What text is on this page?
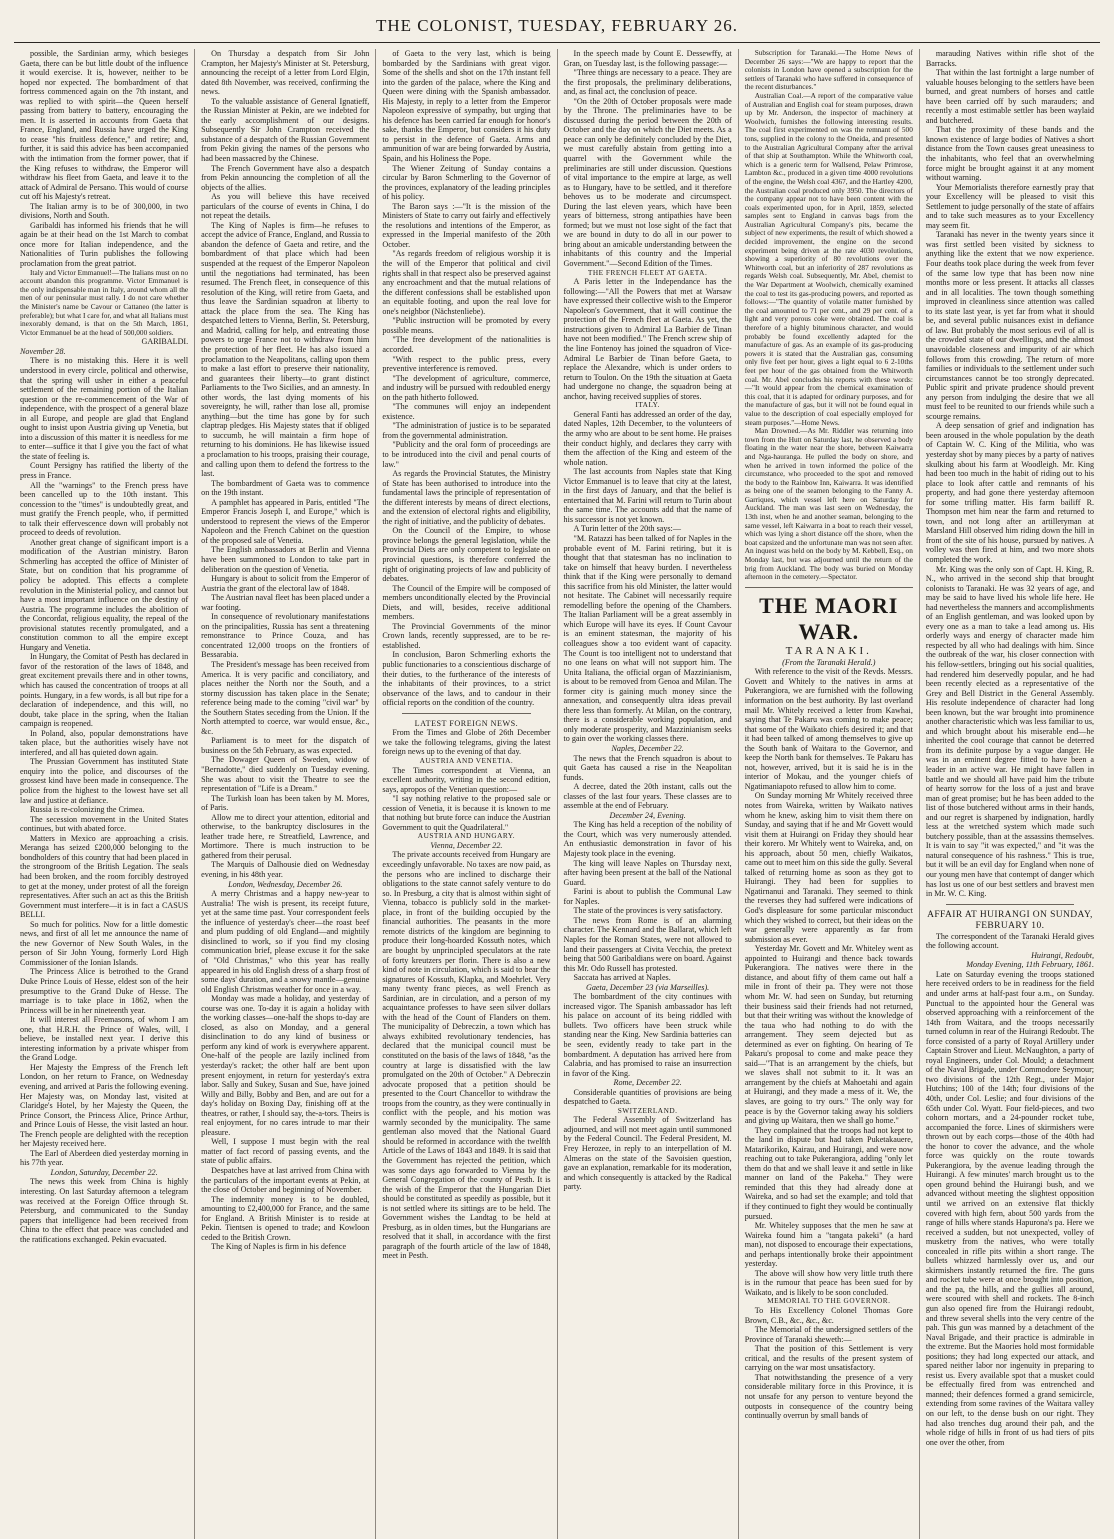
THE COLONIST, TUESDAY, FEBRUARY 26.

possible, the Sardinian army, which besieges Gaeta, there can be but little doubt of the influence it would exercise. It is, however, neither to be hoped nor expected. The bombardment of that fortress commenced again on the 7th instant, and was replied to with spirit—the Queen herself passing from battery to battery, encouraging the men. It is asserted in accounts from Gaeta that France, England, and Russia have urged the King to cease "his fruitless defence," and retire; and, further, it is said this advice has been accompanied with the intimation from the former power, that if the King refuses to withdraw, the Emperor will withdraw his fleet from Gaeta, and leave it to the attack of Admiral de Persano. This would of course cut off his Majesty's retreat.

The Italian army is to be of 300,000, in two divisions, North and South.

Garibaldi has informed his friends that he will again be at their head on the 1st March to combat once more for Italian independence, and the Nationalities of Turin publishes the following proclamation from the great patriot.

Italy and Victor Emmanuel!—The Italians must on no account abandon this programme. Victor Emmanuel is the only indispensable man in Italy, around whom all the men of our peninsular must rally. I do not care whether the Minister's name be Cavour or Cattaneo (the latter is preferable); but what I care for, and what all Italians must inexorably demand, is that on the 5th March, 1861, Victor Emmanuel be at the head of 500,000 soldiers.

GARIBALDI.

November 28.

There is no mistaking this. Here it is well understood in every circle, political and otherwise, that the spring will usher in either a peaceful settlement of the remaining portion of the Italian question or the re-commencement of the War of independence, with the prospect of a general blaze in all Europe, and people are glad that England ought to insist upon Austria giving up Venetia, but into a discussion of this matter it is needless for me to enter—suffice it that I give you the fact of what the state of feeling is.

Count Persigny has ratified the liberty of the press in France.

All the "warnings" to the French press have been cancelled up to the 10th instant. This concession to the "times" is undoubtedly great, and must gratify the French people, who, if permitted to talk their effervescence down will probably not proceed to deeds of revolution.

Another great change of significant import is a modification of the Austrian ministry. Baron Schmerling has accepted the office of Minister of State, but on condition that his programme of policy be adopted. This effects a complete revolution in the Ministerial policy, and cannot but have a most important influence on the destiny of Austria. The programme includes the abolition of the Concordat, religious equality, the repeal of the provisional statutes recently promulgated, and a constitution common to all the empire except Hungary and Venetia.

In Hungary, the Comitat of Pesth has declared in favor of the restoration of the laws of 1848, and great excitement prevails there and in other towns, which has caused the concentration of troops at all points. Hungary, in a few words, is all but ripe for a declaration of independence, and this will, no doubt, take place in the spring, when the Italian campaign is reopened.

In Poland, also, popular demonstrations have taken place, but the authorities wisely have not interfered, and all has quieted down again.

The Prussian Government has instituted State enquiry into the police, and discourses of the grossest kind have been made in consequence. The police from the highest to the lowest have set all law and justice at defiance.

Russia is re-colonizing the Crimea.

The secession movement in the United States continues, but with abated force.

Matters in Mexico are approaching a crisis. Meranga has seized £200,000 belonging to the bondholders of this country that had been placed in the strongroom of the British Legation. The seals had been broken, and the room forcibly destroyed to get at the money, under protest of all the foreign representatives. After such an act as this the British Government must interfere—it is in fact a CASUS BELLI.

So much for politics. Now for a little domestic news, and first of all let me announce the name of the new Governor of New South Wales, in the person of Sir John Young, formerly Lord High Commissioner of the Ionian Islands.

The Princess Alice is betrothed to the Grand Duke Prince Louis of Hesse, eldest son of the heir presumptive to the Grand Duke of Hesse. The marriage is to take place in 1862, when the Princess will be in her nineteenth year.

It will interest all Freemasons, of whom I am one, that H.R.H. the Prince of Wales, will, I believe, be installed next year. I derive this interesting information by a private whisper from the Grand Lodge.

Her Majesty the Empress of the French left London, on her return to France, on Wednesday evening, and arrived at Paris the following evening. Her Majesty was, on Monday last, visited at Claridge's Hotel, by her Majesty the Queen, the Prince Consort, the Princess Alice, Prince Arthur, and Prince Louis of Hesse, the visit lasted an hour. The French people are delighted with the reception her Majesty received here.

The Earl of Aberdeen died yesterday morning in his 77th year.

London, Saturday, December 22.

The news this week from China is highly interesting. On last Saturday afternoon a telegram was received at the Foreign Office through St. Petersburg, and communicated to the Sunday papers that intelligence had been received from China to the effect that peace was concluded and the ratifications exchanged. Pekin evacuated.

On Thursday a despatch from Sir John Crampton, her Majesty's Minister at St. Petersburg, announcing the receipt of a letter from Lord Elgin, dated 8th November, was received, confirming the news.

To the valuable assistance of General Ignatieff, the Russian Minister at Pekin, are we indebted for the early accomplishment of our designs. Subsequently Sir John Crampton received the substance of a despatch of the Russian Government from Pekin giving the names of the persons who had been massacred by the Chinese.

The French Government have also a despatch from Pekin announcing the completion of all the objects of the allies.

As you will believe this have received particulars of the course of events in China, I do not repeat the details.

The King of Naples is firm—he refuses to accept the advice of France, England, and Russia to abandon the defence of Gaeta and retire, and the bombardment of that place which had been suspended at the request of the Emperor Napoleon until the negotiations had terminated, has been resumed. The French fleet, in consequence of this resolution of the King, will retire from Gaeta, and thus leave the Sardinian squadron at liberty to attack the place from the sea. The King has despatched letters to Vienna, Berlin, St. Petersburg, and Madrid, calling for help, and entreating those powers to urge France not to withdraw from him the protection of her fleet. He has also issued a proclamation to the Neapolitans, calling upon them to make a last effort to preserve their nationality, and guarantees their liberty—to grant distinct Parliaments to the Two Sicilies, and an amnesty. In other words, the last dying moments of his sovereignty, he will, rather than lose all, promise anything—but the time has gone by for such claptrap pledges. His Majesty states that if obliged to succumb, he will maintain a firm hope of returning to his dominions. He has likewise issued a proclamation to his troops, praising their courage, and calling upon them to defend the fortress to the last.

The bombardment of Gaeta was to commence on the 19th instant.

A pamphlet has appeared in Paris, entitled "The Emperor Francis Joseph I, and Europe," which is understood to represent the views of the Emperor Napoleon and the French Cabinet on the question of the proposed sale of Venetia.

The English ambassadors at Berlin and Vienna have been summoned to London to take part in deliberation on the question of Venetia.

Hungary is about to solicit from the Emperor of Austria the grant of the electoral law of 1848.

The Austrian naval fleet has been placed under a war footing.

In consequence of revolutionary manifestations on the principalities, Russia has sent a threatening remonstrance to Prince Couza, and has concentrated 12,000 troops on the frontiers of Bessarabia.

The President's message has been received from America. It is very pacific and conciliatory, and places neither the North nor the South, and a stormy discussion has taken place in the Senate; reference being made to the coming "civil war" by the Southern States seceding from the Union. If the North attempted to coerce, war would ensue, &c., &c.

Parliament is to meet for the dispatch of business on the 5th February, as was expected.

The Dowager Queen of Sweden, widow of "Bernadotte," died suddenly on Tuesday evening. She was about to visit the Theatre to see the representation of "Life is a Dream."

The Turkish loan has been taken by M. Mores, of Paris.

Allow me to direct your attention, editorial and otherwise, to the bankruptcy disclosures in the leather trade here, re Streatfield, Lawrence, and Mortimore. There is much instruction to be gathered from their perusal.

The Marquis of Dalhousie died on Wednesday evening, in his 48th year.

London, Wednesday, December 26.

A merry Christmas and a happy new-year to Australia! The wish is present, its receipt future, yet at the same time past. Your correspondent feels the influence of yesterday's cheer—the roast beef and plum pudding of old England—and mightily disinclined to work, so if you find my closing communication brief, please excuse it for the sake of "Old Christmas," who this year has really appeared in his old English dress of a sharp frost of some days' duration, and a snowy mantle—genuine old English Christmas weather for once in a way.

Monday was made a holiday, and yesterday of course was one. To-day it is again a holiday with the working classes—one-half the shops to-day are closed, as also on Monday, and a general disinclination to do any kind of business or perform any kind of work is everywhere apparent. One-half of the people are lazily inclined from yesterday's racket; the other half are bent upon present enjoyment, in return for yesterday's extra labor. Sally and Sukey, Susan and Sue, have joined Willy and Billy, Bobby and Ben, and are out for a day's holiday on Boxing Day, finishing off at the theatres, or rather, I should say, the-a-tors. Theirs is real enjoyment, for no cares intrude to mar their pleasure.

Well, I suppose I must begin with the real matter of fact record of passing events, and the state of public affairs.

Despatches have at last arrived from China with the particulars of the important events at Pekin, at the close of October and beginning of November.

The indemnity money is to be doubled, amounting to £2,400,000 for France, and the same for England. A British Minister is to reside at Pekin. Tientsen is opened to trade; and Kowloon ceded to the British Crown.

The King of Naples is firm in his defence

of Gaeta to the very last, which is being bombarded by the Sardinians with great vigor. Some of the shells and shot on the 17th instant fell into the garden of the palace, where the King and Queen were dining with the Spanish ambassador. His Majesty, in reply to a letter from the Emperor Napoleon expressive of sympathy, but urging that his defence has been carried far enough for honor's sake, thanks the Emperor, but considers it his duty to persist in the defence of Gaeta. Arms and ammunition of war are being forwarded by Austria, Spain, and his Holiness the Pope.

The Wiener Zeitung of Sunday contains a circular by Baron Schmerling to the Governor of the provinces, explanatory of the leading principles of his policy.

The Baron says :—"It is the mission of the Ministers of State to carry out fairly and effectively the resolutions and intentions of the Emperor, as expressed in the Imperial manifesto of the 20th October.

"As regards freedom of religious worship it is the will of the Emperor that political and civil rights shall in that respect also be preserved against any encroachment and that the mutual relations of the different confessions shall be established upon an equitable footing, and upon the real love for one's neighbor (Nächstenliebe).

"Public instruction will be promoted by every possible means.

"The free development of the nationalities is accorded.

"With respect to the public press, every preventive interference is removed.

"The development of agriculture, commerce, and industry will be pursued with redoubled energy on the path hitherto followed.

"The communes will enjoy an independent existence.

"The administration of justice is to be separated from the governmental administration.

"Publicity and the oral form of proceedings are to be introduced into the civil and penal courts of law."

As regards the Provincial Statutes, the Ministry of State has been authorised to introduce into the fundamental laws the principle of representation of the different interests by means of direct elections, and the extension of electoral rights and eligibility, the right of initiative, and the publicity of debates.

On the Council of the Empire, to whose province belongs the general legislation, while the Provincial Diets are only competent to legislate on provincial questions, is therefore conferred the right of originating projects of law and publicity of debates.

The Council of the Empire will be composed of members unconditionally elected by the Provincial Diets, and will, besides, receive additional members.

The Provincial Governments of the minor Crown lands, recently suppressed, are to be re-established.

In conclusion, Baron Schmerling exhorts the public functionaries to a conscientious discharge of their duties, to the furtherance of the interests of the inhabitants of their provinces, to a strict observance of the laws, and to candour in their official reports on the condition of the country.

LATEST FOREIGN NEWS.

From the Times and Globe of 26th December we take the following telegrams, giving the latest foreign news up to the evening of that day.

AUSTRIA AND VENETIA.

The Times correspondent at Vienna, an excellent authority, writing in the second edition, says, apropos of the Venetian question:—

"I say nothing relative to the proposed sale or cession of Venetia, it is because it is known to me that nothing but brute force can induce the Austrian Government to quit the Quadrilateral."

AUSTRIA AND HUNGARY.

Vienna, December 22.

The private accounts received from Hungary are exceedingly unfavorable. No taxes are now paid, as the persons who are inclined to discharge their obligations to the state cannot safely venture to do so. In Presburg, a city that is almost within sight of Vienna, tobacco is publicly sold in the market-place, in front of the building occupied by the financial authorities. The peasants in the more remote districts of the kingdom are beginning to produce their long-hoarded Kossuth notes, which are bought by unprincipled speculators at the rate of forty kreutzers per florin. There is also a new kind of note in circulation, which is said to bear the signatures of Kossuth, Klapka, and Moehrlet. Very many twenty franc pieces, as well French as Sardinian, are in circulation, and a person of my acquaintance professes to have seen silver dollars with the head of the Count of Flanders on them. The municipality of Debreczin, a town which has always exhibited revolutionary tendencies, has declared that the municipal council must be constituted on the basis of the laws of 1848, "as the country at large is dissatisfied with the law promulgated on the 20th of October." A Debreczin advocate proposed that a petition should be presented to the Court Chancellor to withdraw the troops from the country, as they were continually in conflict with the people, and his motion was warmly seconded by the municipality. The same gentleman also moved that the National Guard should be reformed in accordance with the twelfth Article of the Laws of 1843 and 1849. It is said that the Government has rejected the petition, which was some days ago forwarded to Vienna by the General Congregation of the county of Pesth. It is the wish of the Emperor that the Hungarian Diet should be constituted as speedily as possible, but it is not settled where its sittings are to be held. The Government wishes the Landtag to be held at Presburg, as in olden times, but the Hungarians are resolved that it shall, in accordance with the first paragraph of the fourth article of the law of 1848, meet in Pesth.

In the speech made by Count E. Dessewffy, at Gran, on Tuesday last, is the following passage:—

"Three things are necessary to a peace. They are the first proposals, the preliminary deliberations, and, as final act, the conclusion of peace.

"On the 20th of October proposals were made by the Throne. The preliminaries have to be discussed during the period between the 20th of October and the day on which the Diet meets. As a peace can only be definitely concluded by the Diet, we must carefully abstain from getting into a quarrel with the Government while the preliminaries are still under discussion. Questions of vital importance to the empire at large, as well as to Hungary, have to be settled, and it therefore behoves us to be moderate and circumspect. During the last eleven years, which have been years of bitterness, strong antipathies have been formed; but we must not lose sight of the fact that we are bound in duty to do all in our power to bring about an amicable understanding between the inhabitants of this country and the Imperial Government."—Second Edition of the Times.

THE FRENCH FLEET AT GAETA.

A Paris letter in the Independance has the following:—"All the Powers that met at Warsaw have expressed their collective wish to the Emperor Napoleon's Government, that it will continue the protection of the French fleet at Gaeta. As yet, the instructions given to Admiral La Barbier de Tinan have not been modified." The French screw ship of the line Fontenoy has joined the squadron of Vice-Admiral Le Barbier de Tinan before Gaeta, to replace the Alexandre, which is under orders to return to Toulon. On the 19th the situation at Gaeta had undergone no change, the squadron being at anchor, having received supplies of stores.

ITALY.

General Fanti has addressed an order of the day, dated Naples, 12th December, to the volunteers of the army who are about to be sent home. He praises their conduct highly, and declares they carry with them the affection of the King and esteem of the whole nation.

The last accounts from Naples state that King Victor Emmanuel is to leave that city at the latest, in the first days of January, and that the belief is entertained that M. Farini will return to Turin about the same time. The accounts add that the name of his successor is not yet known.

A Turin letter of the 20th says:—

"M. Ratazzi has been talked of for Naples in the probable event of M. Farini retiring, but it is thought that that statesman has no inclination to take on himself that heavy burden. I nevertheless think that if the King were personally to demand this sacrifice from his old Minister, the latter would not hesitate. The Cabinet will necessarily require remodelling before the opening of the Chambers. The Italian Parliament will be a great assembly in which Europe will have its eyes. If Count Cavour is an eminent statesman, the majority of his colleagues show a too evident want of capacity. The Count is too intelligent not to understand that no one leans on what will not support him. The Unita Italiana, the official organ of Mazzinianism, is about to be removed from Genoa and Milan. The former city is gaining much money since the annexation, and consequently ultra ideas prevail there less than formerly. At Milan, on the contrary, there is a considerable working population, and only moderate prosperity, and Mazzinianism seeks to gain over the working classes there.

Naples, December 22.

The news that the French squadron is about to quit Gaeta has caused a rise in the Neapolitan funds.

A decree, dated the 20th instant, calls out the classes of the last four years. These classes are to assemble at the end of February.

December 24, Evening.

The King has held a reception of the nobility of the Court, which was very numerously attended. An enthusiastic demonstration in favor of his Majesty took place in the evening.

The king will leave Naples on Thursday next, after having been present at the ball of the National Guard.

Farini is about to publish the Communal Law for Naples.

The state of the provinces is very satisfactory.

The news from Rome is of an alarming character. The Kennard and the Ballarat, which left Naples for the Roman States, were not allowed to land their passengers at Civita Vecchia, the pretext being that 500 Garibaldians were on board. Against this Mr. Odo Russell has protested.

Saccata has arrived at Naples.

Gaeta, December 23 (via Marseilles).

The bombardment of the city continues with increased vigor. The Spanish ambassador has left his palace on account of its being riddled with bullets. Two officers have been struck while standing near the King. New Sardinia batteries can be seen, evidently ready to take part in the bombardment. A deputation has arrived here from Calabria, and has promised to raise an insurrection in favor of the King.

Rome, December 22.

Considerable quantities of provisions are being despatched to Gaeta.

SWITZERLAND.

The Federal Assembly of Switzerland has adjourned, and will not meet again until summoned by the Federal Council. The Federal President, M. Frey Herozee, in reply to an interpellation of M. Almeras on the state of the Savoisien question, gave an explanation, remarkable for its moderation, and which consequently is attacked by the Radical party.

Subscription for Taranaki.—The Home News of December 26 says:—"We are happy to report that the colonists in London have opened a subscription for the settlers of Taranaki who have suffered in consequence of the recent disturbances."

Australian Coal.—A report of the comparative value of Australian and English coal for steam purposes, drawn up by Mr. Anderson, the inspector of machinery at Woolwich, furnishes the following interesting results. The coal first experimented on was the remnant of 500 tons, supplied in the colony to the Oneida, and presented to the Australian Agricultural Company after the arrival of that ship at Southampton. While the Whitworth coal, which is a generic term for Wallsend, Pelaw Primrose, Lambton &c., produced in a given time 4000 revolutions of the engine, the Welsh coal 4367, and the Hartley 4200, the Australian coal produced only 3950. The directors of the company appear not to have been content with the coals experimented upon, for in April, 1859, selected samples sent to England in canvas bags from the Australian Agricultural Company's pits, became the subject of new experiments, the result of which showed a decided improvement, the engine on the second experiment being driven at the rate 4030 revolutions, showing a superiority of 80 revolutions over the Whitworth coal, but an inferiority of 287 revolutions as regards Welsh coal. Subsequently, Mr. Abel, chemist to the War Department at Woolwich, chemically examined the coal to test its gas-producing powers, and reported as follows:—"The quantity of volatile matter furnished by the coal amounted to 71 per cent., and 29 per cent. of a light and very porous coke were obtained. The coal is therefore of a highly bituminous character, and would probably be found excellently adapted for the manufacture of gas. As an example of its gas-producing powers it is stated that the Australian gas, consuming only five feet per hour, gives a light equal to 6 2-10ths feet per hour of the gas obtained from the Whitworth coal. Mr. Abel concludes his reports with these words:—"It would appear from the chemical examination of this coal, that it is adapted for ordinary purposes, and for the manufacture of gas, but it will not be found equal in value to the description of coal especially employed for steam purposes."—Home News.

Man Drowned.—As Mr. Riddler was returning into town from the Hutt on Saturday last, he observed a body floating in the water near the shore, between Kaiwarra and Nga-hauranga. He pulled the body on shore, and when he arrived in town informed the police of the circumstance, who proceeded to the spot and removed the body to the Rainbow Inn, Kaiwarra. It was identified as being one of the seamen belonging to the Fanny A. Garriques, which vessel left here on Saturday for Auckland. The man was last seen on Wednesday, the 13th inst, when he and another seaman, belonging to the same vessel, left Kaiwarra in a boat to reach their vessel, which was lying a short distance off the shore, when the boat capsized and the unfortunate man was not seen after. An inquest was held on the body by M. Kebbell, Esq., on Monday last, but was adjourned until the return of the brig from Auckland. The body was buried on Monday afternoon in the cemetery.—Spectator.

THE MAORI WAR.

TARANAKI.

(From the Taranaki Herald.)

With reference to the visit of the Revds. Messrs. Govett and Whitely to the natives in arms at Pukerangiora, we are furnished with the following information on the best authority. By last overland mail Mr. Whitely received a letter from Kawhai, saying that Te Pakaru was coming to make peace; that some of the Waikato chiefs desired it; and that it had been talked of among themselves to give up the South bank of Waitara to the Governor, and keep the North bank for themselves. Te Pakaru has not, however, arrived, but it is said he is in the interior of Mokau, and the younger chiefs of Ngatimaniapoto refused to allow him to come.

On Sunday morning Mr Whitely received three notes from Waireka, written by Waikato natives whom he knew, asking him to visit them there on Sunday, and saying that if he and Mr Govett would visit them at Huirangi on Friday they should hear their korero. Mr Whitely went to Waireka, and, on his approach, about 50 men, chiefly Waikatos, came out to meet him on this side the gully. Several talked of returning home as soon as they got to Huirangi. They had been for supplies to Ngatirnanui and Taranaki. They seemed to think the reverses they had suffered were indications of God's displeasure for some particular misconduct which they wished to correct, but their ideas on the war generally were apparently as far from submission as ever.

Yesterday Mr. Govett and Mr. Whiteley went as appointed to Huirangi and thence back towards Pukerangiora. The natives were there in the distance, and about fifty of them came out half a mile in front of their pa. They were not those whom Mr. W. had seen on Sunday, but returning their business said their friends had not returned, but that their writing was without the knowledge of the taua who had nothing to do with the arrangement. They seem dejected but as determined as ever on fighting. On hearing of Te Pakaru's proposal to come and make peace they said—"That is an arrangement by the chiefs, but we slaves shall not submit to it. It was an arrangement by the chiefs at Mahoetahi and again at Huirangi, and they made a mess of it. We, the slaves, are going to try ours." The only way for peace is by the Governor taking away his soldiers and giving up Waitara, then we shall go home."

They complained that the troops had not kept to the land in dispute but had taken Puketakauere, Matarikoriko, Kairau, and Huirangi, and were now reaching out to take Pukerangiora, adding "only let them do that and we shall leave it and settle in like manner on land of the Pakeha." They were reminded that this they had already done at Waireka, and so had set the example; and told that if they continued to fight they would be continually pursued.

Mr. Whiteley supposes that the men he saw at Waireka found him a "tangata pakeki" (a hard man), not disposed to encourage their expectations, and perhaps intentionally broke their appointment yesterday.

The above will show how very little truth there is in the rumour that peace has been sued for by Waikato, and is likely to be soon concluded.

MEMORIAL TO THE GOVERNOR.

To His Excellency Colonel Thomas Gore Brown, C.B., &c., &c., &c.

The Memorial of the undersigned settlers of the Province of Taranaki sheweth:—

That the position of this Settlement is very critical, and the results of the present system of carrying on the war most unsatisfactory.

That notwithstanding the presence of a very considerable military force in this Province, it is not unsafe for any person to venture beyond the outposts in consequence of the country being continually overrun by small bands of

marauding Natives within rifle shot of the Barracks.

That within the last fortnight a large number of valuable houses belonging to the settlers have been burned, and great numbers of horses and cattle have been carried off by such marauders; and recently a most estimable settler has been waylaid and butchered.

That the proximity of these bands and the known existence of large bodies of Natives a short distance from the Town causes great uneasiness to the inhabitants, who feel that an overwhelming force might be brought against it at any moment without warning.

Your Memorialists therefore earnestly pray that your Excellency will be pleased to visit this Settlement to judge personally of the state of affairs and to take such measures as to your Excellency may seem fit.

Taranaki has never in the twenty years since it was first settled been visited by sickness to anything like the extent that we now experience. Four deaths took place during the week from fever of the same low type that has been now nine months more or less present. It attacks all classes and in all localities. The town though something improved in cleanliness since attention was called to its state last year, is yet far from what it should be, and several public nuisances exist in defiance of law. But probably the most serious evil of all is the crowded state of our dwellings, and the almost unavoidable closeness and impurity of air which follows from this crowding. The return of more families or individuals to the settlement under such circumstances cannot be too strongly deprecated. Public spirit and private prudence should prevent any person from indulging the desire that we all must feel to be reunited to our friends while such a scourge remains.

A deep sensation of grief and indignation has been aroused in the whole population by the death of Captain W. C. King of the Militia, who was yesterday shot by many pieces by a party of natives skulking about his farm at Woodleigh. Mr. King had been too much in the habit of riding out to his place to look after cattle and remnants of his property, and had gone there yesterday afternoon for some trifling matter. His farm bailiff R. Thompson met him near the farm and returned to town, and not long after an artilleryman at Marsland Hill observed him riding down the hill in front of the site of his house, pursued by natives. A volley was then fired at him, and two more shots completed the work.

Mr. King was the only son of Capt. H. King, R. N., who arrived in the second ship that brought colonists to Taranaki. He was 32 years of age, and may be said to have lived his whole life here. He had nevertheless the manners and accomplishments of an English gentleman, and was looked upon by every one as a man to take a lead among us. His orderly ways and energy of character made him respected by all who had dealings with him. Since the outbreak of the war, his closer connection with his fellow-settlers, bringing out his social qualities, had rendered him deservedly popular, and he had been recently elected as a representative of the Grey and Bell District in the General Assembly. His resolute independence of character had long been known, but the war brought into prominence another characteristic which was less familiar to us, and which brought about his miserable end—he inherited the cool courage that cannot be deterred from its definite purpose by a vague danger. He was in an eminent degree fitted to have been a leader in an active war. He might have fallen in battle and we should all have paid him the tribute of hearty sorrow for the loss of a just and brave man of great promise; but he has been added to the list of those butchered without arms in their hands, and our regret is sharpened by indignation, hardly less at the wretched system which made such butchery possible, than at the assassins themselves. It is vain to say "it was expected," and "it was the natural consequence of his rashness." This is true, but it will be an evil day for England when none of our young men have that contempt of danger which has lost us one of our best settlers and bravest men in Mr. W. C. King.

AFFAIR AT HUIRANGI ON SUNDAY, FEBRUARY 10.

The correspondent of the Taranaki Herald gives the following account.

Huirangi, Redoubt,

Monday Evening, 11th February, 1861.

Late on Saturday evening the troops stationed here received orders to be in readiness for the field and under arms at half-past four a.m., on Sunday. Punctual to the appointed hour the General was observed approaching with a reinforcement of the 14th from Waitara, and the troops necessarily turned column in rear of the Huirangi Redoubt. The force consisted of a party of Royal Artillery under Captain Strover and Lieut. McNaughton, a party of royal Engineers, under Col. Mould; a detachment of the Naval Brigade, under Commodore Seymour; two divisions of the 12th Regt., under Major Hutchins; 100 of the 14th; four divisions of the 40th, under Col. Leslie; and four divisions of the 65th under Col. Wyatt. Four field-pieces, and two cohorn mortars, and a 24-pounder rocket tube, accompanied the force. Lines of skirmishers were thrown out by each corps—those of the 40th had the honor to cover the advance, and the whole force was quickly on the route towards Pukerangiora, by the avenue leading through the Huirangi. A few minutes' march brought us to the open ground behind the Huirangi bush, and we advanced without meeting the slightest opposition until we arrived on an extensive flat thickly covered with high fern, about 500 yards from the range of hills where stands Hapurona's pa. Here we received a sudden, but not unexpected, volley of musketry from the natives, who were totally concealed in rifle pits within a short range. The bullets whizzed harmlessly over us, and our skirmishers instantly returned the fire. The guns and rocket tube were at once brought into position, and the pa, the hills, and the gullies all around, were scoured with shell and rockets. The 8-inch gun also opened fire from the Huirangi redoubt, and threw several shells into the very centre of the pah. This gun was manned by a detachment of the Naval Brigade, and their practice is admirable in the extreme. But the Maories hold most formidable positions; they had long expected our attack, and spared neither labor nor ingenuity in preparing to resist us. Every available spot that a musket could be effectually fired from was entrenched and manned; their defences formed a grand semicircle, extending from some ravines of the Waitara valley on our left, to the dense bush on our right. They had also trenches dug around their pah, and the whole ridge of hills in front of us had tiers of pits one over the other, from
